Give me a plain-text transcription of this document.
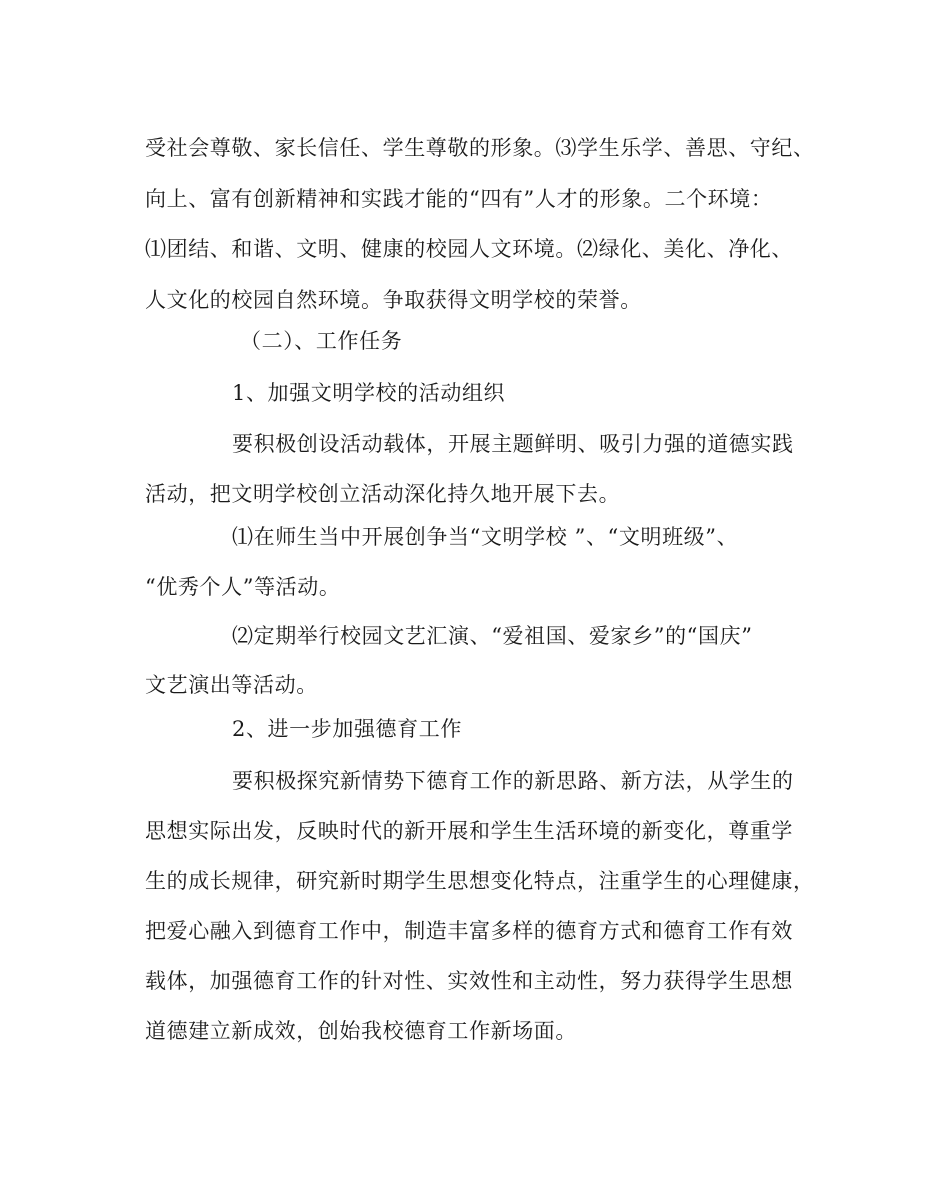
受社会尊敬、家长信任、学生尊敬的形象。⑶学生乐学、善思、守纪、
向上、富有创新精神和实践才能的“四有”人才的形象。二个环境：
⑴团结、和谐、文明、健康的校园人文环境。⑵绿化、美化、净化、
人文化的校园自然环境。争取获得文明学校的荣誉。
（二）、工作任务
1、加强文明学校的活动组织
要积极创设活动载体，开展主题鲜明、吸引力强的道德实践
活动，把文明学校创立活动深化持久地开展下去。
⑴在师生当中开展创争当“文明学校 ”、“文明班级”、
“优秀个人”等活动。
⑵定期举行校园文艺汇演、“爱祖国、爱家乡”的“国庆”
文艺演出等活动。
2、进一步加强德育工作
要积极探究新情势下德育工作的新思路、新方法，从学生的
思想实际出发，反映时代的新开展和学生生活环境的新变化，尊重学
生的成长规律，研究新时期学生思想变化特点，注重学生的心理健康，
把爱心融入到德育工作中，制造丰富多样的德育方式和德育工作有效
载体，加强德育工作的针对性、实效性和主动性，努力获得学生思想
道德建立新成效，创始我校德育工作新场面。
